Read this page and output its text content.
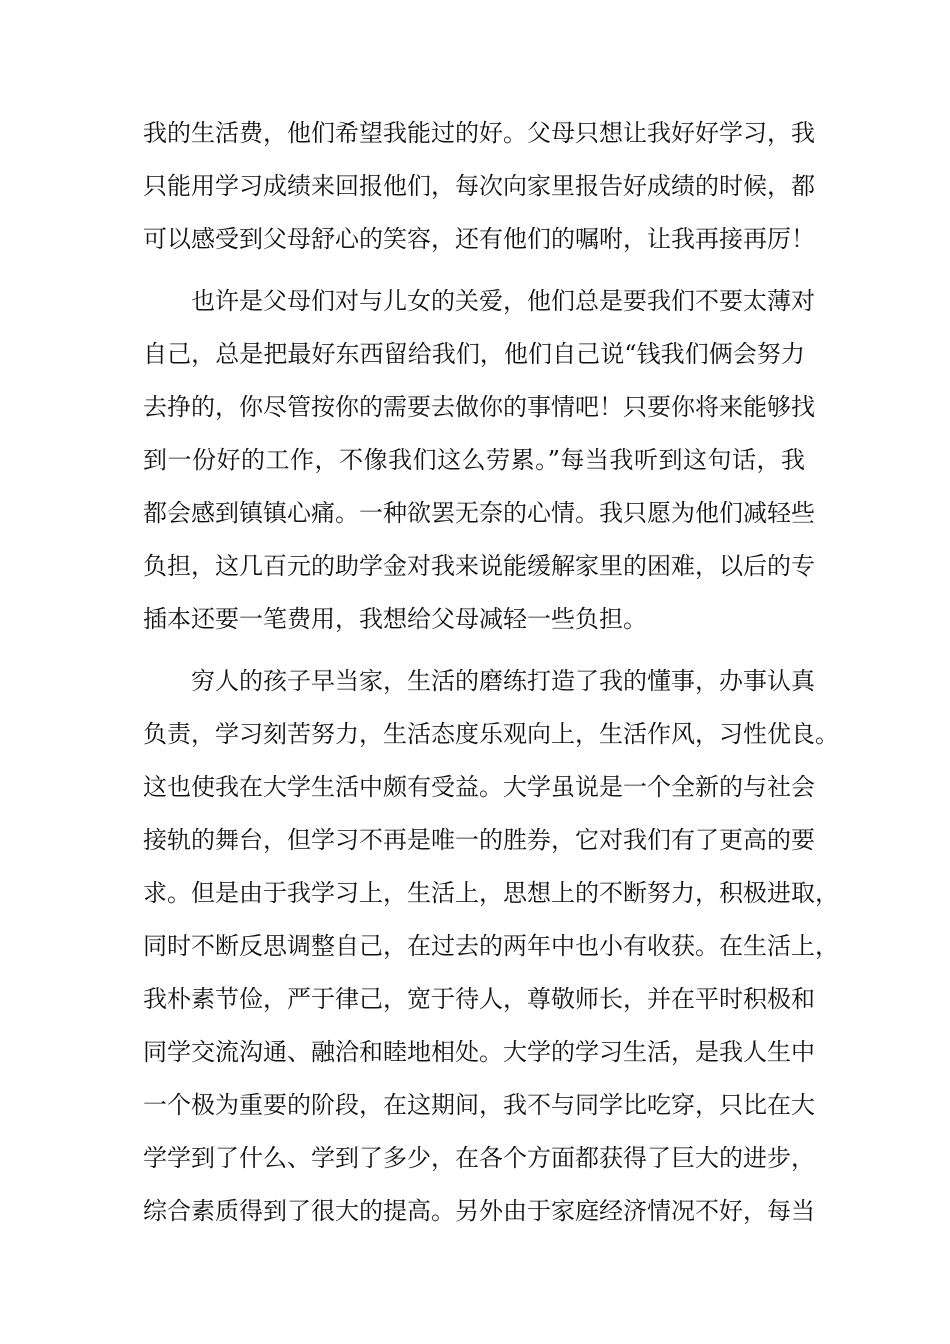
我的生活费，他们希望我能过的好。父母只想让我好好学习，我
只能用学习成绩来回报他们，每次向家里报告好成绩的时候，都
可以感受到父母舒心的笑容，还有他们的嘱咐，让我再接再厉！
也许是父母们对与儿女的关爱，他们总是要我们不要太薄对
自己，总是把最好东西留给我们，他们自己说“钱我们俩会努力
去挣的，你尽管按你的需要去做你的事情吧！只要你将来能够找
到一份好的工作，不像我们这么劳累。”每当我听到这句话，我
都会感到镇镇心痛。一种欲罢无奈的心情。我只愿为他们减轻些
负担，这几百元的助学金对我来说能缓解家里的困难，以后的专
插本还要一笔费用，我想给父母减轻一些负担。
穷人的孩子早当家，生活的磨练打造了我的懂事，办事认真
负责，学习刻苦努力，生活态度乐观向上，生活作风，习性优良。
这也使我在大学生活中颇有受益。大学虽说是一个全新的与社会
接轨的舞台，但学习不再是唯一的胜券，它对我们有了更高的要
求。但是由于我学习上，生活上，思想上的不断努力，积极进取，
同时不断反思调整自己，在过去的两年中也小有收获。在生活上，
我朴素节俭，严于律己，宽于待人，尊敬师长，并在平时积极和
同学交流沟通、融洽和睦地相处。大学的学习生活，是我人生中
一个极为重要的阶段，在这期间，我不与同学比吃穿，只比在大
学学到了什么、学到了多少，在各个方面都获得了巨大的进步，
综合素质得到了很大的提高。另外由于家庭经济情况不好，每当
